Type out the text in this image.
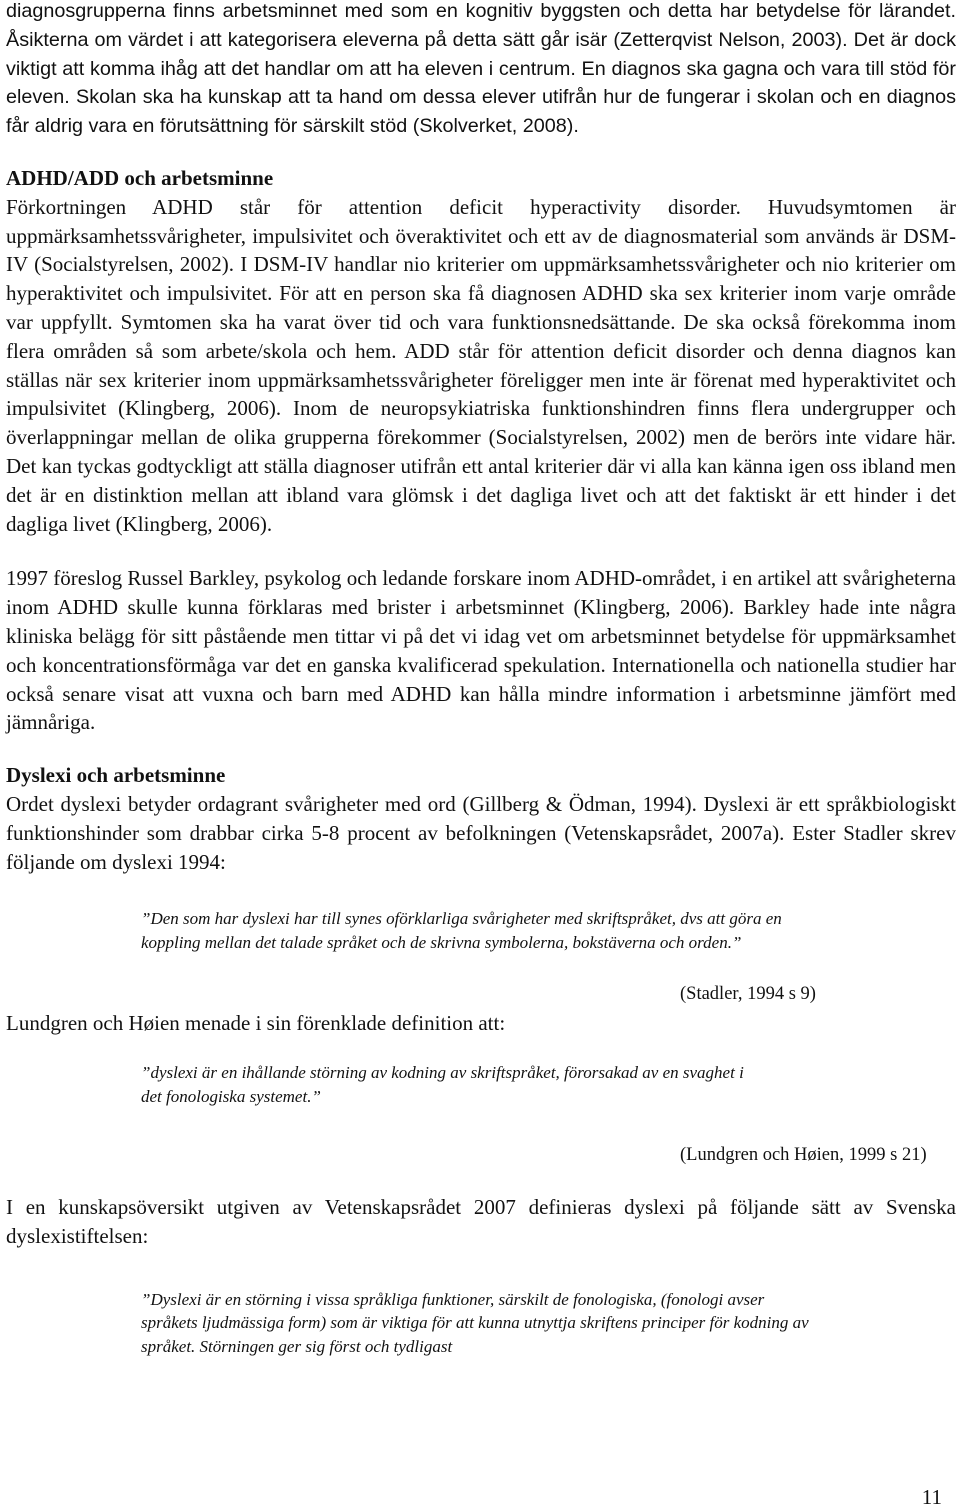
diagnosgrupperna finns arbetsminnet med som en kognitiv byggsten och detta har betydelse för lärandet. Åsikterna om värdet i att kategorisera eleverna på detta sätt går isär (Zetterqvist Nelson, 2003). Det är dock viktigt att komma ihåg att det handlar om att ha eleven i centrum. En diagnos ska gagna och vara till stöd för eleven. Skolan ska ha kunskap att ta hand om dessa elever utifrån hur de fungerar i skolan och en diagnos får aldrig vara en förutsättning för särskilt stöd (Skolverket, 2008).

ADHD/ADD och arbetsminne

Förkortningen ADHD står för attention deficit hyperactivity disorder. Huvudsymtomen är uppmärksamhetssvårigheter, impulsivitet och överaktivitet och ett av de diagnosmaterial som används är DSM-IV (Socialstyrelsen, 2002). I DSM-IV handlar nio kriterier om uppmärksamhetssvårigheter och nio kriterier om hyperaktivitet och impulsivitet. För att en person ska få diagnosen ADHD ska sex kriterier inom varje område var uppfyllt. Symtomen ska ha varat över tid och vara funktionsnedsättande. De ska också förekomma inom flera områden så som arbete/skola och hem. ADD står för attention deficit disorder och denna diagnos kan ställas när sex kriterier inom uppmärksamhetssvårigheter föreligger men inte är förenat med hyperaktivitet och impulsivitet (Klingberg, 2006). Inom de neuropsykiatriska funktionshindren finns flera undergrupper och överlappningar mellan de olika grupperna förekommer (Socialstyrelsen, 2002) men de berörs inte vidare här. Det kan tyckas godtyckligt att ställa diagnoser utifrån ett antal kriterier där vi alla kan känna igen oss ibland men det är en distinktion mellan att ibland vara glömsk i det dagliga livet och att det faktiskt är ett hinder i det dagliga livet (Klingberg, 2006).

1997 föreslog Russel Barkley, psykolog och ledande forskare inom ADHD-området, i en artikel att svårigheterna inom ADHD skulle kunna förklaras med brister i arbetsminnet (Klingberg, 2006). Barkley hade inte några kliniska belägg för sitt påstående men tittar vi på det vi idag vet om arbetsminnet betydelse för uppmärksamhet och koncentrationsförmåga var det en ganska kvalificerad spekulation. Internationella och nationella studier har också senare visat att vuxna och barn med ADHD kan hålla mindre information i arbetsminne jämfört med jämnåriga.

Dyslexi och arbetsminne

Ordet dyslexi betyder ordagrant svårigheter med ord (Gillberg & Ödman, 1994). Dyslexi är ett språkbiologiskt funktionshinder som drabbar cirka 5-8 procent av befolkningen (Vetenskapsrådet, 2007a). Ester Stadler skrev följande om dyslexi 1994:

”Den som har dyslexi har till synes oförklarliga svårigheter med skriftspråket, dvs att göra en koppling mellan det talade språket och de skrivna symbolerna, bokstäverna och orden.”

(Stadler, 1994 s 9)

Lundgren och Høien menade i sin förenklade definition att:

”dyslexi är en ihållande störning av kodning av skriftspråket, förorsakad av en svaghet i det fonologiska systemet.”

(Lundgren och Høien, 1999 s 21)

I en kunskapsöversikt utgiven av Vetenskapsrådet 2007 definieras dyslexi på följande sätt av Svenska dyslexistiftelsen:

”Dyslexi är en störning i vissa språkliga funktioner, särskilt de fonologiska, (fonologi avser språkets ljudmässiga form) som är viktiga för att kunna utnyttja skriftens principer för kodning av språket. Störningen ger sig först och tydligast

11
